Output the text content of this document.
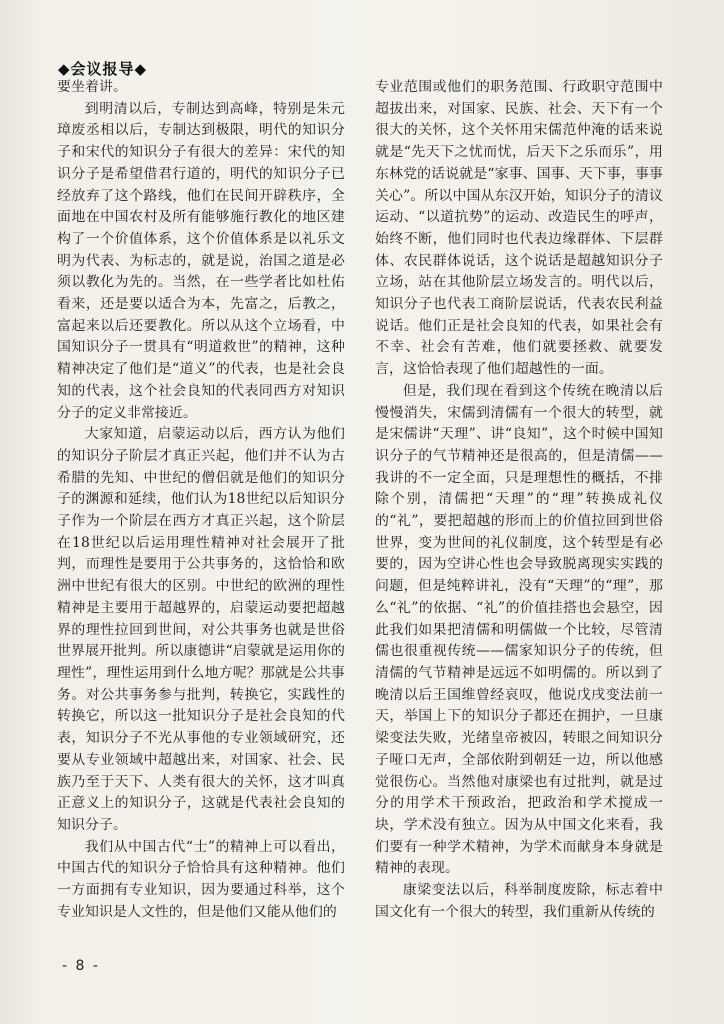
◆会议报导◆

要坐着讲。

到明清以后，专制达到高峰，特别是朱元璋废丞相以后，专制达到极限，明代的知识分子和宋代的知识分子有很大的差异：宋代的知识分子是希望借君行道的，明代的知识分子已经放弃了这个路线，他们在民间开辟秩序，全面地在中国农村及所有能够施行教化的地区建构了一个价值体系，这个价值体系是以礼乐文明为代表、为标志的，就是说，治国之道是必须以教化为先的。当然，在一些学者比如杜佑看来，还是要以适合为本，先富之，后教之，富起来以后还要教化。所以从这个立场看，中国知识分子一贯具有“明道救世”的精神，这种精神决定了他们是“道义”的代表，也是社会良知的代表，这个社会良知的代表同西方对知识分子的定义非常接近。

大家知道，启蒙运动以后，西方认为他们的知识分子阶层才真正兴起，他们并不认为古希腊的先知、中世纪的僧侣就是他们的知识分子的渊源和延续，他们认为18世纪以后知识分子作为一个阶层在西方才真正兴起，这个阶层在18世纪以后运用理性精神对社会展开了批判，而理性是要用于公共事务的，这恰恰和欧洲中世纪有很大的区别。中世纪的欧洲的理性精神是主要用于超越界的，启蒙运动要把超越界的理性拉回到世间，对公共事务也就是世俗世界展开批判。所以康德讲“启蒙就是运用你的理性”，理性运用到什么地方呢？那就是公共事务。对公共事务参与批判，转换它，实践性的转换它，所以这一批知识分子是社会良知的代表，知识分子不光从事他的专业领域研究，还要从专业领域中超越出来，对国家、社会、民族乃至于天下、人类有很大的关怀，这才叫真正意义上的知识分子，这就是代表社会良知的知识分子。

我们从中国古代“士”的精神上可以看出，中国古代的知识分子恰恰具有这种精神。他们一方面拥有专业知识，因为要通过科举，这个专业知识是人文性的，但是他们又能从他们的

专业范围或他们的职务范围、行政职守范围中超拔出来，对国家、民族、社会、天下有一个很大的关怀，这个关怀用宋儒范仲淹的话来说就是“先天下之忧而忧，后天下之乐而乐”，用东林党的话说就是“家事、国事、天下事，事事关心”。所以中国从东汉开始，知识分子的清议运动、“以道抗势”的运动、改造民生的呼声，始终不断，他们同时也代表边缘群体、下层群体、农民群体说话，这个说话是超越知识分子立场，站在其他阶层立场发言的。明代以后，知识分子也代表工商阶层说话，代表农民利益说话。他们正是社会良知的代表，如果社会有不幸、社会有苦难，他们就要拯救、就要发言，这恰恰表现了他们超越性的一面。

但是，我们现在看到这个传统在晚清以后慢慢消失，宋儒到清儒有一个很大的转型，就是宋儒讲“天理”、讲“良知”，这个时候中国知识分子的气节精神还是很高的，但是清儒——我讲的不一定全面，只是理想性的概括，不排除个别，清儒把“天理”的“理”转换成礼仪的“礼”，要把超越的形而上的价值拉回到世俗世界，变为世间的礼仪制度，这个转型是有必要的，因为空讲心性也会导致脱离现实实践的问题，但是纯粹讲礼，没有“天理”的“理”，那么“礼”的依据、“礼”的价值挂搭也会悬空，因此我们如果把清儒和明儒做一个比较，尽管清儒也很重视传统——儒家知识分子的传统，但清儒的气节精神是远远不如明儒的。所以到了晚清以后王国维曾经哀叹，他说戊戌变法前一天，举国上下的知识分子都还在拥护，一旦康梁变法失败，光绪皇帝被囚，转眼之间知识分子哑口无声，全部依附到朝廷一边，所以他感觉很伤心。当然他对康梁也有过批判，就是过分的用学术干预政治，把政治和学术搅成一块，学术没有独立。因为从中国文化来看，我们要有一种学术精神，为学术而献身本身就是精神的表现。

康梁变法以后，科举制度废除，标志着中国文化有一个很大的转型，我们重新从传统的

- 8 -
